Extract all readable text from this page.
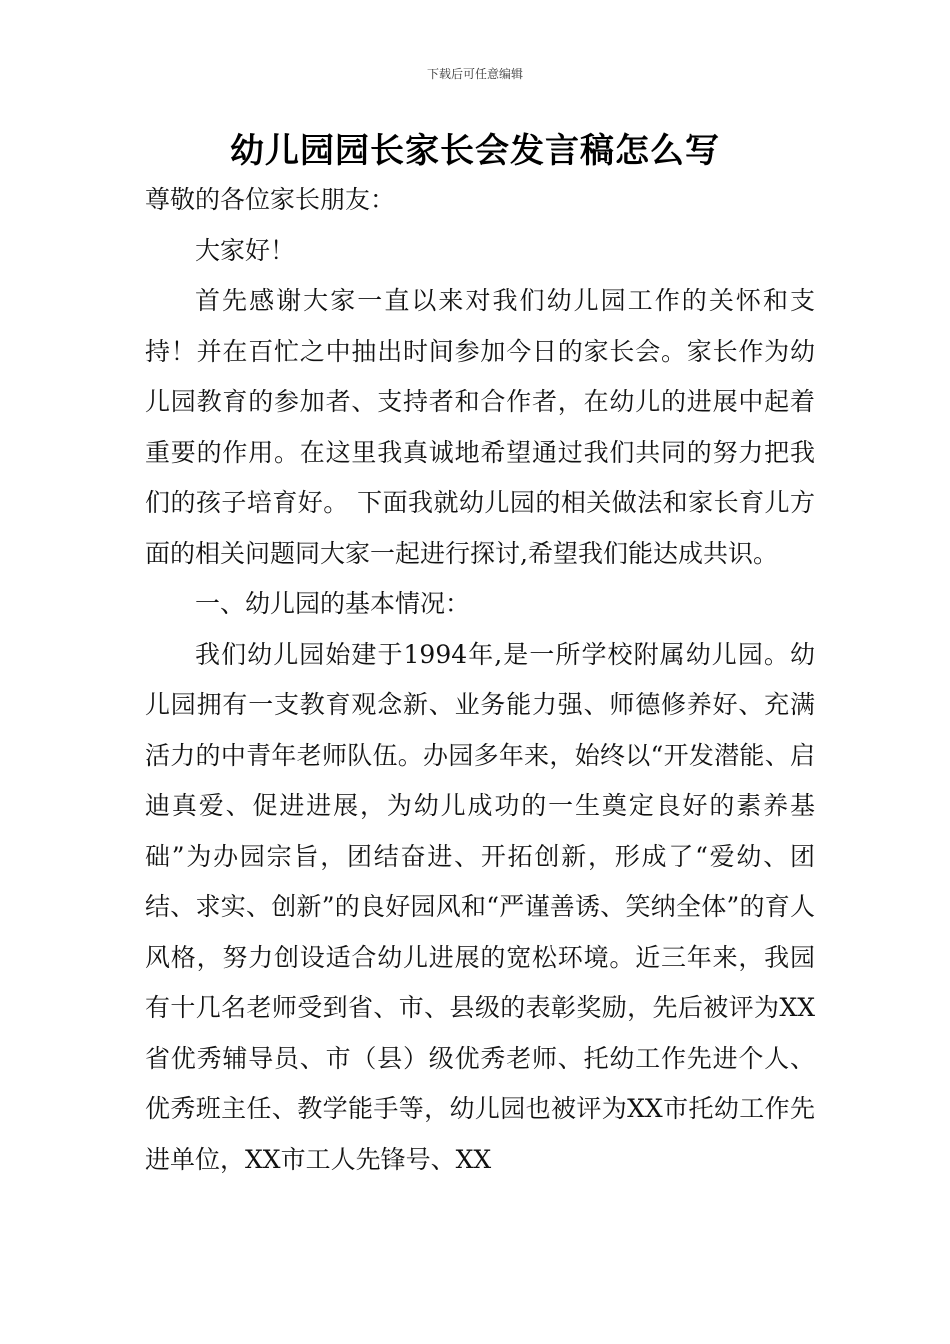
下载后可任意编辑
幼儿园园长家长会发言稿怎么写

尊敬的各位家长朋友：

大家好！

首先感谢大家一直以来对我们幼儿园工作的关怀和支持！并在百忙之中抽出时间参加今日的家长会。家长作为幼儿园教育的参加者、支持者和合作者，在幼儿的进展中起着重要的作用。在这里我真诚地希望通过我们共同的努力把我们的孩子培育好。 下面我就幼儿园的相关做法和家长育儿方面的相关问题同大家一起进行探讨,希望我们能达成共识。

一、幼儿园的基本情况：

我们幼儿园始建于1994年,是一所学校附属幼儿园。幼儿园拥有一支教育观念新、业务能力强、师德修养好、充满活力的中青年老师队伍。办园多年来，始终以“开发潜能、启迪真爱、促进进展，为幼儿成功的一生奠定良好的素养基础”为办园宗旨，团结奋进、开拓创新，形成了“爱幼、团结、求实、创新”的良好园风和“严谨善诱、笑纳全体”的育人风格，努力创设适合幼儿进展的宽松环境。近三年来，我园有十几名老师受到省、市、县级的表彰奖励，先后被评为XX省优秀辅导员、市（县）级优秀老师、托幼工作先进个人、优秀班主任、教学能手等，幼儿园也被评为XX市托幼工作先进单位，XX市工人先锋号、XX
